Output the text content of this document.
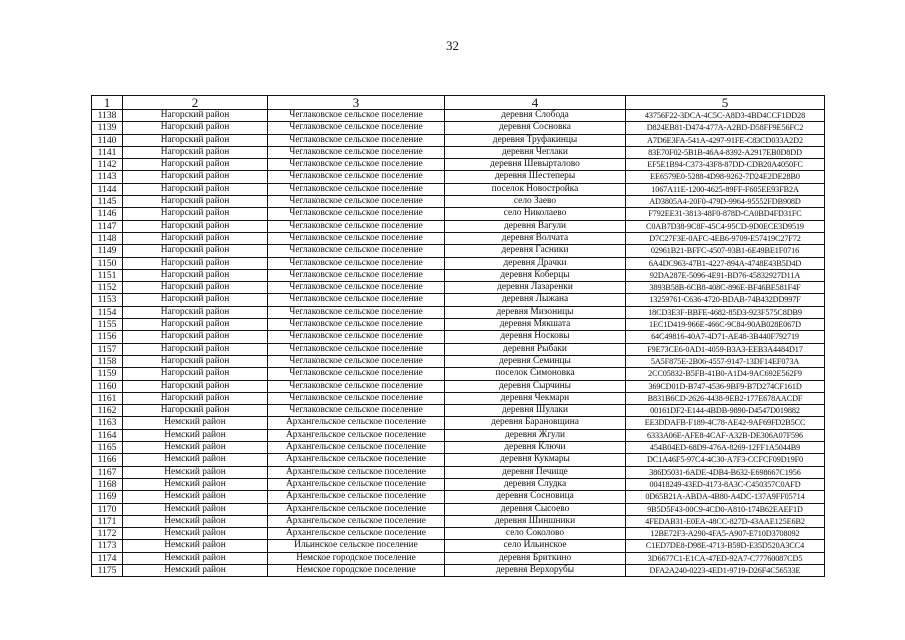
32
1	2	3	4	5
1138	Нагорский район	Чеглаковское сельское поселение	деревня Слобода	43756F22-3DCA-4C5C-A8D3-4BD4CCF1DD28
1139	Нагорский район	Чеглаковское сельское поселение	деревня Сосновка	D824EB81-D474-477A-A2BD-D58FF9E56FC2
1140	Нагорский район	Чеглаковское сельское поселение	деревня Труфакинцы	A7D6E3FA-541A-4297-91FE-C83CD033A2D2
1141	Нагорский район	Чеглаковское сельское поселение	деревня Чеглаки	83E70F02-5B1B-46A4-8392-A2917EB0D8DD
1142	Нагорский район	Чеглаковское сельское поселение	деревня Шевырталово	EF5E1B94-C373-43F8-87DD-CDB20A4050FC
1143	Нагорский район	Чеглаковское сельское поселение	деревня Шестеперы	EE6579E0-5288-4D98-9262-7D24E2DE28B0
1144	Нагорский район	Чеглаковское сельское поселение	поселок Новостройка	1067A11E-1200-4625-89FF-F605EE93FB2A
1145	Нагорский район	Чеглаковское сельское поселение	село Заево	AD3805A4-20F0-479D-9964-95552FDB908D
1146	Нагорский район	Чеглаковское сельское поселение	село Николаево	F792EE31-3813-48F0-878D-CA0BD4FD31FC
1147	Нагорский район	Чеглаковское сельское поселение	деревня Вагули	C0AB7D38-9C8F-45C4-95CD-9D0ECE3D9519
1148	Нагорский район	Чеглаковское сельское поселение	деревня Волчата	D7C27F3E-0AFC-4EB6-9709-E57419C27F72
1149	Нагорский район	Чеглаковское сельское поселение	деревня Гасники	02961B21-BFFC-4507-93B1-6E49BE1F0716
1150	Нагорский район	Чеглаковское сельское поселение	деревня Драчки	6A4DC963-47B1-4227-894A-4748E43B5D4D
1151	Нагорский район	Чеглаковское сельское поселение	деревня Коберцы	92DA287E-5096-4E91-BD76-45832927D11A
1152	Нагорский район	Чеглаковское сельское поселение	деревня Лазаренки	3893B58B-6CB8-408C-896E-BF46BE581F4F
1153	Нагорский район	Чеглаковское сельское поселение	деревня Лыжана	13259761-C636-4720-BDAB-74B432DD997F
1154	Нагорский район	Чеглаковское сельское поселение	деревня Мизоницы	18CD3E3F-BBFE-4682-85D3-923F575C8DB9
1155	Нагорский район	Чеглаковское сельское поселение	деревня Мякшата	1EC1D419-966E-466C-9C84-90AB028E067D
1156	Нагорский район	Чеглаковское сельское поселение	деревня Носковы	64C49816-40A7-4D71-AE48-3B440F792719
1157	Нагорский район	Чеглаковское сельское поселение	деревня Рыбаки	F9E73CE6-0AD1-4059-B3A3-EEB3A4484D17
1158	Нагорский район	Чеглаковское сельское поселение	деревня Семинцы	5A5F875E-2B06-4557-9147-13DF14EF073A
1159	Нагорский район	Чеглаковское сельское поселение	поселок Симоновка	2CC05832-B5FB-41B0-A1D4-9AC692E562F9
1160	Нагорский район	Чеглаковское сельское поселение	деревня Сырчины	369CD01D-B747-4536-9BF9-B7D274CF161D
1161	Нагорский район	Чеглаковское сельское поселение	деревня Чекмари	B831B6CD-2626-4438-9EB2-177E678AACDF
1162	Нагорский район	Чеглаковское сельское поселение	деревня Шулаки	00161DF2-E144-4BDB-9890-D4547D019882
1163	Немский район	Архангельское сельское поселение	деревня Барановщина	EE3DDAFB-F189-4C78-AE42-9AF69FD2B5CC
1164	Немский район	Архангельское сельское поселение	деревня Жгули	6333A06E-AFE8-4CAF-A32B-DE306A07F596
1165	Немский район	Архангельское сельское поселение	деревня Ключи	454B04ED-68D9-476A-8269-12FF1A5044B9
1166	Немский район	Архангельское сельское поселение	деревня Кукмары	DC1A46F5-97C4-4C30-A7F3-CCFCF09D19F0
1167	Немский район	Архангельское сельское поселение	деревня Печище	386D5031-6ADE-4DB4-B632-E698667C1956
1168	Немский район	Архангельское сельское поселение	деревня Слудка	00418249-43ED-4173-8A3C-C450357C0AFD
1169	Немский район	Архангельское сельское поселение	деревня Сосновица	0D65B21A-ABDA-4B80-A4DC-137A9FF05714
1170	Немский район	Архангельское сельское поселение	деревня Сысоево	9B5D5F43-00C9-4CD0-A810-174B62EAEF1D
1171	Немский район	Архангельское сельское поселение	деревня Шиншники	4FEDAB31-E0EA-48CC-827D-43AAE125E6B2
1172	Немский район	Архангельское сельское поселение	село Соколово	12BE72F3-A290-4FA5-A907-E710D3708092
1173	Немский район	Ильинское сельское поселение	село Ильинское	C1ED7DE8-D98E-4713-B59D-E35D520A3CC4
1174	Немский район	Немское городское поселение	деревня Бриткино	3D6677C1-E1CA-47ED-92A7-C77760087CD5
1175	Немский район	Немское городское поселение	деревня Верхорубы	DFA2A240-0223-4ED1-9719-D26F4C56533E
